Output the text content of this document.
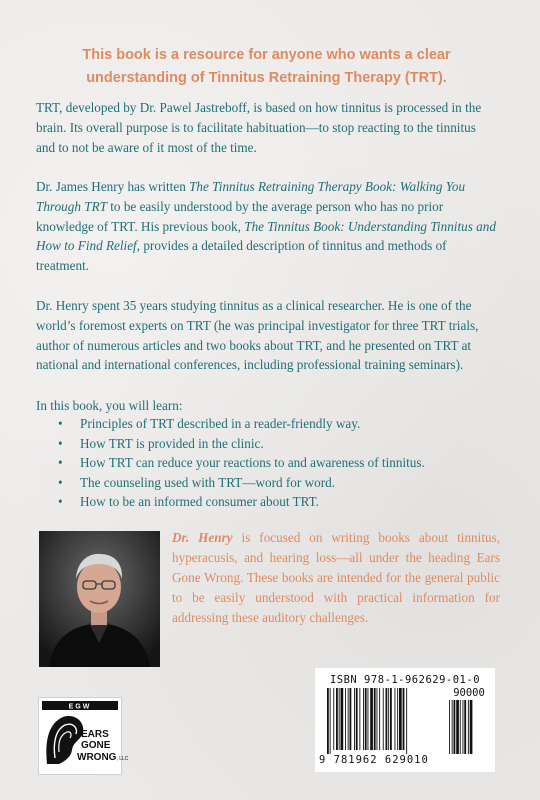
This book is a resource for anyone who wants a clear understanding of Tinnitus Retraining Therapy (TRT).

TRT, developed by Dr. Pawel Jastreboff, is based on how tinnitus is processed in the brain. Its overall purpose is to facilitate habituation—to stop reacting to the tinnitus and to not be aware of it most of the time.

Dr. James Henry has written The Tinnitus Retraining Therapy Book: Walking You Through TRT to be easily understood by the average person who has no prior knowledge of TRT. His previous book, The Tinnitus Book: Understanding Tinnitus and How to Find Relief, provides a detailed description of tinnitus and methods of treatment.

Dr. Henry spent 35 years studying tinnitus as a clinical researcher. He is one of the world’s foremost experts on TRT (he was principal investigator for three TRT trials, author of numerous articles and two books about TRT, and he presented on TRT at national and international conferences, including professional training seminars).

In this book, you will learn:
• Principles of TRT described in a reader-friendly way.
• How TRT is provided in the clinic.
• How TRT can reduce your reactions to and awareness of tinnitus.
• The counseling used with TRT—word for word.
• How to be an informed consumer about TRT.

Dr. Henry is focused on writing books about tinnitus, hyperacusis, and hearing loss—all under the heading Ears Gone Wrong. These books are intended for the general public to be easily understood with practical information for addressing these auditory challenges.

EGW
EARS
GONE
WRONG, LLC
ISBN 978-1-962629-01-0
9 781962 629010
90000
